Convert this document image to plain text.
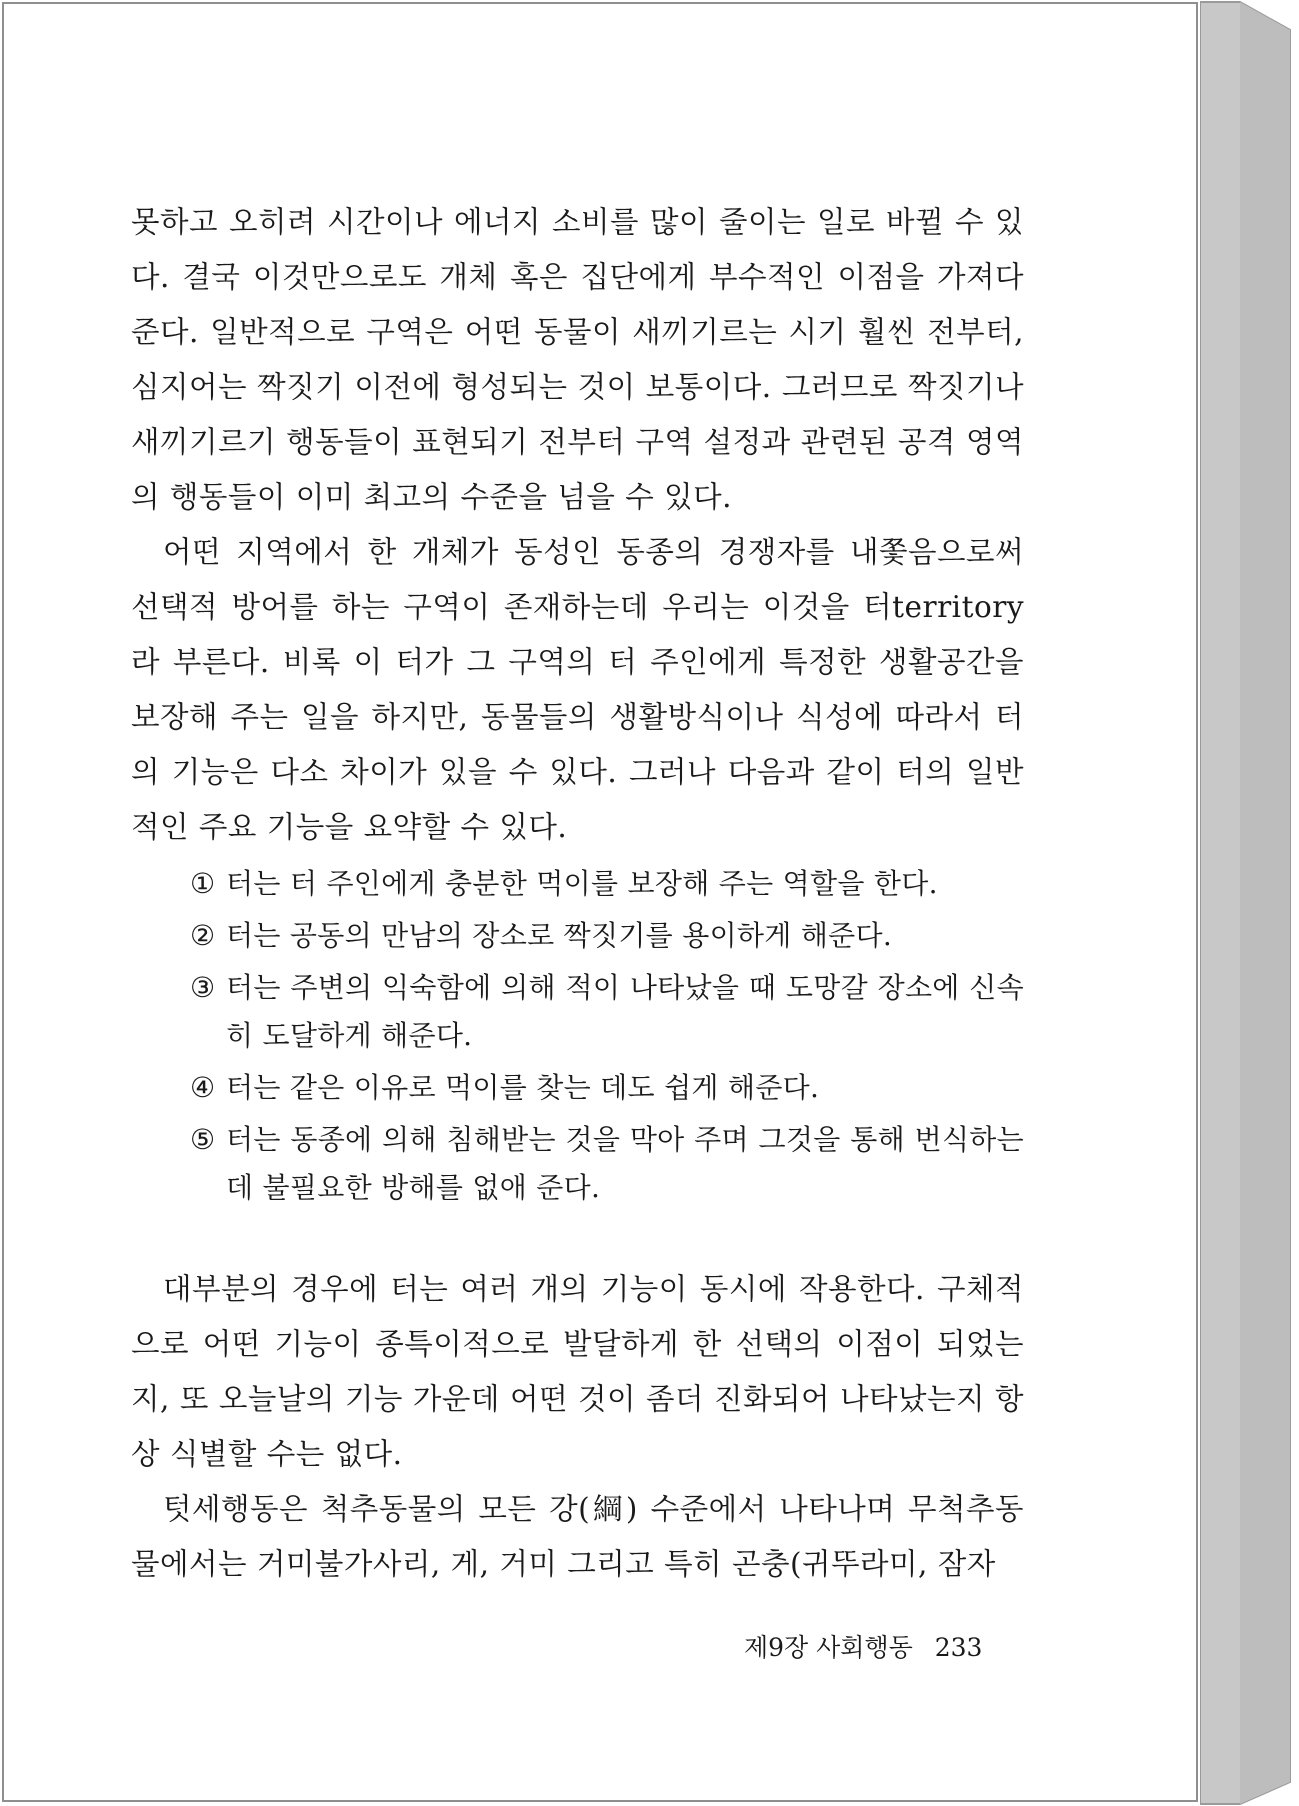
못하고 오히려 시간이나 에너지 소비를 많이 줄이는 일로 바뀔 수 있다. 결국 이것만으로도 개체 혹은 집단에게 부수적인 이점을 가져다 준다. 일반적으로 구역은 어떤 동물이 새끼기르는 시기 훨씬 전부터, 심지어는 짝짓기 이전에 형성되는 것이 보통이다. 그러므로 짝짓기나 새끼기르기 행동들이 표현되기 전부터 구역 설정과 관련된 공격 영역의 행동들이 이미 최고의 수준을 넘을 수 있다.

어떤 지역에서 한 개체가 동성인 동종의 경쟁자를 내쫓음으로써 선택적 방어를 하는 구역이 존재하는데 우리는 이것을 터territory라 부른다. 비록 이 터가 그 구역의 터 주인에게 특정한 생활공간을 보장해 주는 일을 하지만, 동물들의 생활방식이나 식성에 따라서 터의 기능은 다소 차이가 있을 수 있다. 그러나 다음과 같이 터의 일반적인 주요 기능을 요약할 수 있다.

① 터는 터 주인에게 충분한 먹이를 보장해 주는 역할을 한다.
② 터는 공동의 만남의 장소로 짝짓기를 용이하게 해준다.
③ 터는 주변의 익숙함에 의해 적이 나타났을 때 도망갈 장소에 신속히 도달하게 해준다.
④ 터는 같은 이유로 먹이를 찾는 데도 쉽게 해준다.
⑤ 터는 동종에 의해 침해받는 것을 막아 주며 그것을 통해 번식하는 데 불필요한 방해를 없애 준다.

대부분의 경우에 터는 여러 개의 기능이 동시에 작용한다. 구체적으로 어떤 기능이 종특이적으로 발달하게 한 선택의 이점이 되었는지, 또 오늘날의 기능 가운데 어떤 것이 좀더 진화되어 나타났는지 항상 식별할 수는 없다.

텃세행동은 척추동물의 모든 강(綱) 수준에서 나타나며 무척추동물에서는 거미불가사리, 게, 거미 그리고 특히 곤충(귀뚜라미, 잠자

제9장 사회행동 233
